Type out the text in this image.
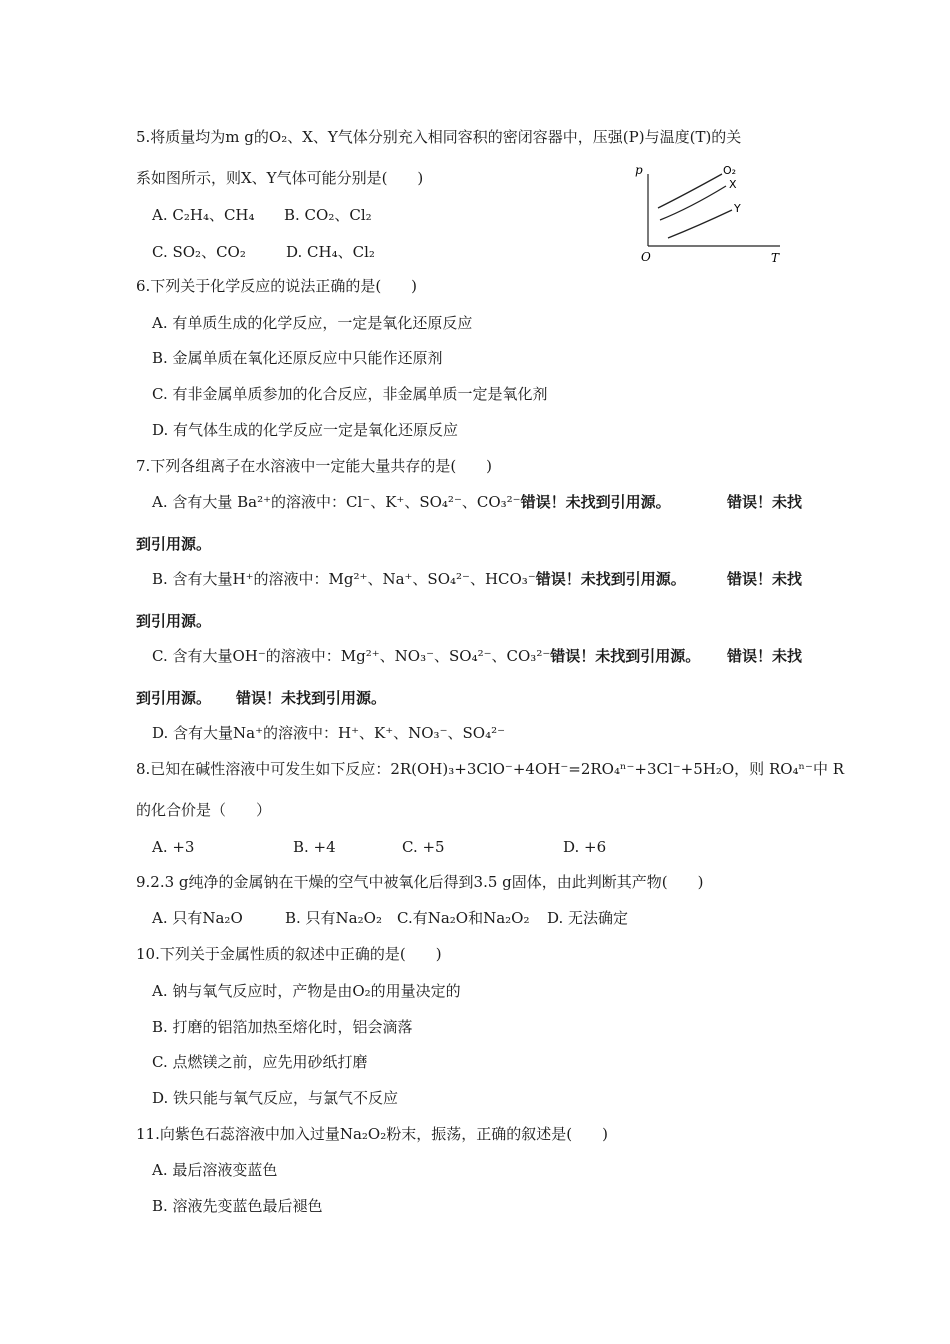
5.将质量均为m g的O₂、X、Y气体分别充入相同容积的密闭容器中，压强(P)与温度(T)的关
系如图所示，则X、Y气体可能分别是(　　)
A. C₂H₄、CH₄ B. CO₂、Cl₂
C. SO₂、CO₂	D. CH₄、Cl₂
p
T
O
O₂
X
Y
6.下列关于化学反应的说法正确的是(　　)
A. 有单质生成的化学反应，一定是氧化还原反应
B. 金属单质在氧化还原反应中只能作还原剂
C. 有非金属单质参加的化合反应，非金属单质一定是氧化剂
D. 有气体生成的化学反应一定是氧化还原反应
7.下列各组离子在水溶液中一定能大量共存的是(　　)
A. 含有大量 Ba²⁺的溶液中：Cl⁻、K⁺、SO₄²⁻、CO₃²⁻错误！未找到引用源。	错误！未找
到引用源。
B. 含有大量H⁺的溶液中：Mg²⁺、Na⁺、SO₄²⁻、HCO₃⁻错误！未找到引用源。	错误！未找
到引用源。
C. 含有大量OH⁻的溶液中：Mg²⁺、NO₃⁻、SO₄²⁻、CO₃²⁻错误！未找到引用源。 错误！未找
到引用源。 错误！未找到引用源。
D. 含有大量Na⁺的溶液中：H⁺、K⁺、NO₃⁻、SO₄²⁻
8.已知在碱性溶液中可发生如下反应：2R(OH)₃+3ClO⁻+4OH⁻=2RO₄ⁿ⁻+3Cl⁻+5H₂O，则 RO₄ⁿ⁻中 R
的化合价是（　　）
A. +3	B. +4	C. +5	D. +6
9.2.3 g纯净的金属钠在干燥的空气中被氧化后得到3.5 g固体，由此判断其产物(　　)
A. 只有Na₂O	B. 只有Na₂O₂ C.有Na₂O和Na₂O₂ D. 无法确定
10.下列关于金属性质的叙述中正确的是(　　)
A. 钠与氧气反应时，产物是由O₂的用量决定的
B. 打磨的铝箔加热至熔化时，铝会滴落
C. 点燃镁之前，应先用砂纸打磨
D. 铁只能与氧气反应，与氯气不反应
11.向紫色石蕊溶液中加入过量Na₂O₂粉末，振荡，正确的叙述是(　　)
A. 最后溶液变蓝色
B. 溶液先变蓝色最后褪色
